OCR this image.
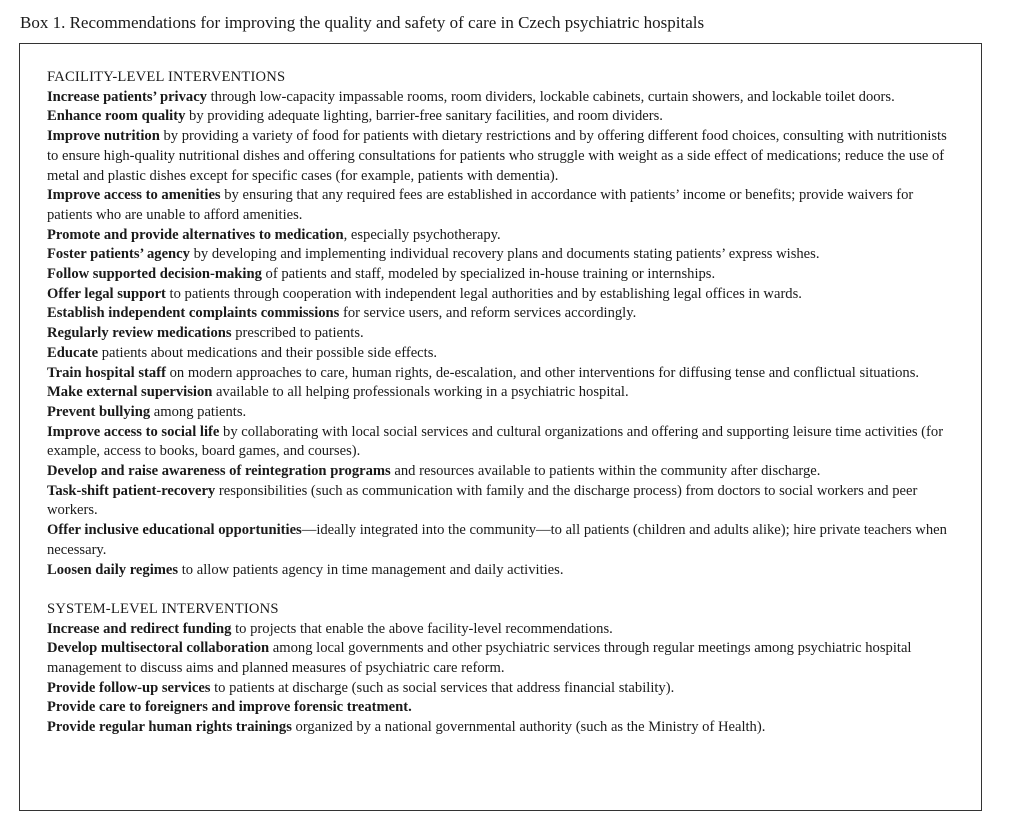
Box 1. Recommendations for improving the quality and safety of care in Czech psychiatric hospitals

FACILITY-LEVEL INTERVENTIONS

Increase patients’ privacy through low-capacity impassable rooms, room dividers, lockable cabinets, curtain showers, and lockable toilet doors.

Enhance room quality by providing adequate lighting, barrier-free sanitary facilities, and room dividers.

Improve nutrition by providing a variety of food for patients with dietary restrictions and by offering different food choices, consulting with nutritionists to ensure high-quality nutritional dishes and offering consultations for patients who struggle with weight as a side effect of medications; reduce the use of metal and plastic dishes except for specific cases (for example, patients with dementia).

Improve access to amenities by ensuring that any required fees are established in accordance with patients’ income or benefits; provide waivers for patients who are unable to afford amenities.

Promote and provide alternatives to medication, especially psychotherapy.

Foster patients’ agency by developing and implementing individual recovery plans and documents stating patients’ express wishes.

Follow supported decision-making of patients and staff, modeled by specialized in-house training or internships.

Offer legal support to patients through cooperation with independent legal authorities and by establishing legal offices in wards.

Establish independent complaints commissions for service users, and reform services accordingly.

Regularly review medications prescribed to patients.

Educate patients about medications and their possible side effects.

Train hospital staff on modern approaches to care, human rights, de-escalation, and other interventions for diffusing tense and conflictual situations.

Make external supervision available to all helping professionals working in a psychiatric hospital.

Prevent bullying among patients.

Improve access to social life by collaborating with local social services and cultural organizations and offering and supporting leisure time activities (for example, access to books, board games, and courses).

Develop and raise awareness of reintegration programs and resources available to patients within the community after discharge.

Task-shift patient-recovery responsibilities (such as communication with family and the discharge process) from doctors to social workers and peer workers.

Offer inclusive educational opportunities—ideally integrated into the community—to all patients (children and adults alike); hire private teachers when necessary.

Loosen daily regimes to allow patients agency in time management and daily activities.

SYSTEM-LEVEL INTERVENTIONS

Increase and redirect funding to projects that enable the above facility-level recommendations.

Develop multisectoral collaboration among local governments and other psychiatric services through regular meetings among psychiatric hospital management to discuss aims and planned measures of psychiatric care reform.

Provide follow-up services to patients at discharge (such as social services that address financial stability).

Provide care to foreigners and improve forensic treatment.

Provide regular human rights trainings organized by a national governmental authority (such as the Ministry of Health).
